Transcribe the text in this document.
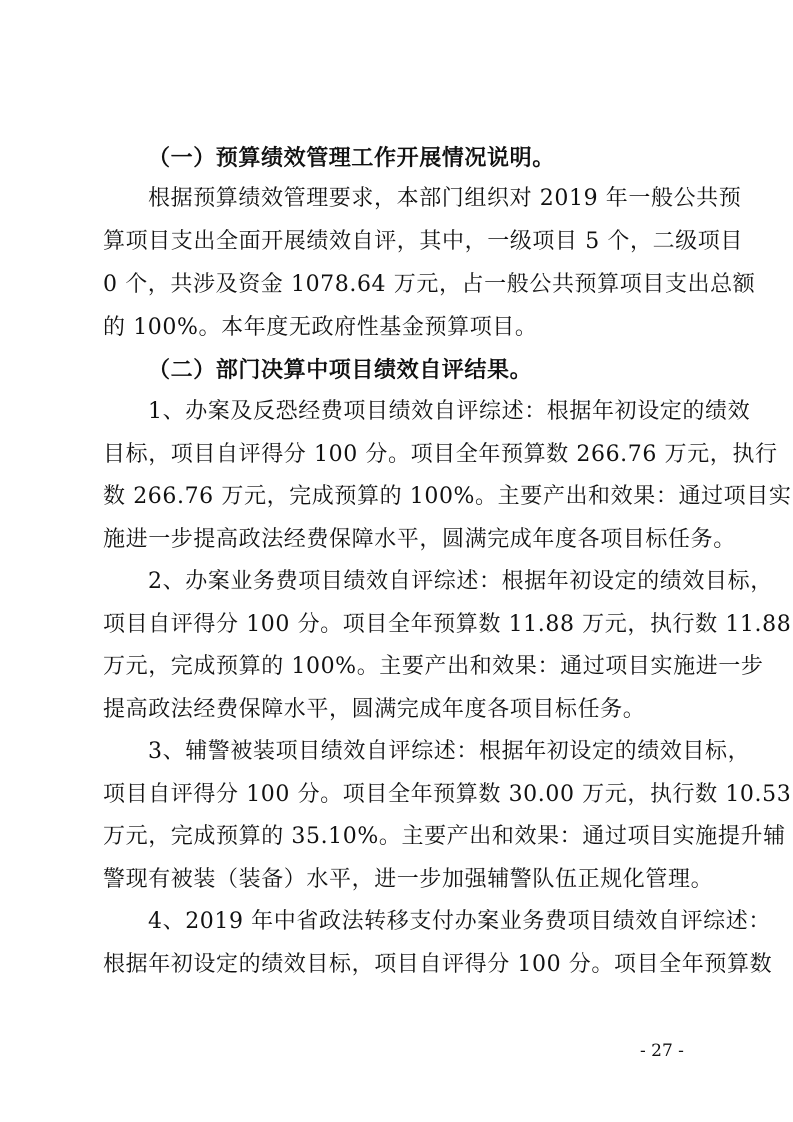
（一）预算绩效管理工作开展情况说明。
根据预算绩效管理要求，本部门组织对 2019 年一般公共预
算项目支出全面开展绩效自评，其中，一级项目 5 个，二级项目
0 个，共涉及资金 1078.64 万元，占一般公共预算项目支出总额
的 100%。本年度无政府性基金预算项目。
（二）部门决算中项目绩效自评结果。
1、办案及反恐经费项目绩效自评综述：根据年初设定的绩效
目标，项目自评得分 100 分。项目全年预算数 266.76 万元，执行
数 266.76 万元，完成预算的 100%。主要产出和效果：通过项目实
施进一步提高政法经费保障水平，圆满完成年度各项目标任务。
2、办案业务费项目绩效自评综述：根据年初设定的绩效目标，
项目自评得分 100 分。项目全年预算数 11.88 万元，执行数 11.88
万元，完成预算的 100%。主要产出和效果：通过项目实施进一步
提高政法经费保障水平，圆满完成年度各项目标任务。
3、辅警被装项目绩效自评综述：根据年初设定的绩效目标，
项目自评得分 100 分。项目全年预算数 30.00 万元，执行数 10.53
万元，完成预算的 35.10%。主要产出和效果：通过项目实施提升辅
警现有被装（装备）水平，进一步加强辅警队伍正规化管理。
4、2019 年中省政法转移支付办案业务费项目绩效自评综述：
根据年初设定的绩效目标，项目自评得分 100 分。项目全年预算数
- 27 -
